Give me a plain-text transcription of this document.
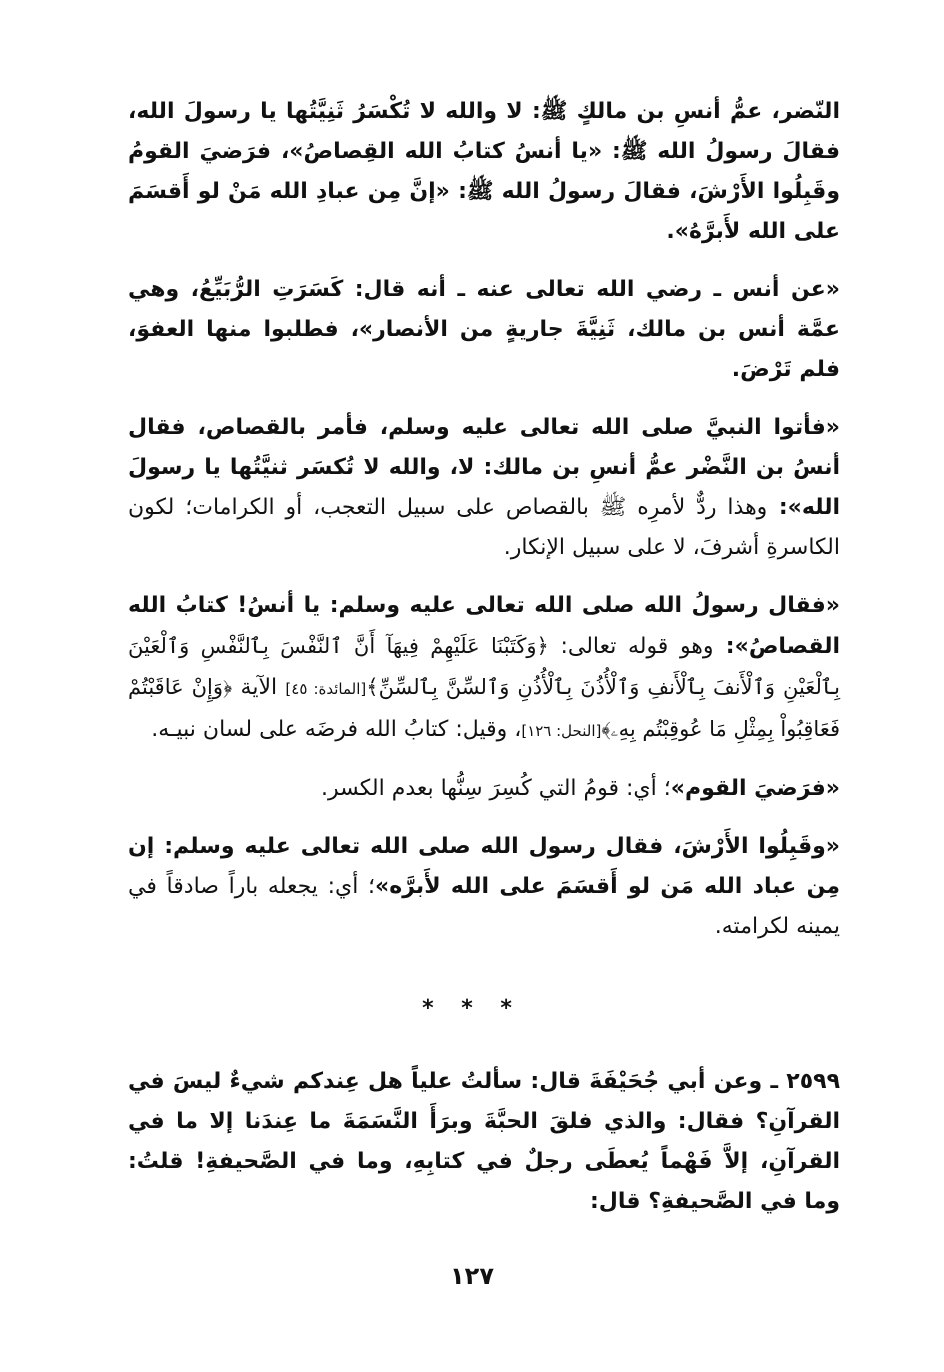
النّضر، عمُّ أنسِ بن مالكٍ ﷺ: لا والله لا تُكْسَرُ ثَنِيَّتُها يا رسولَ الله، فقالَ رسولُ الله ﷺ: «يا أنسُ كتابُ الله القِصاصُ»، فرَضيَ القومُ وقَبِلُوا الأَرْشَ، فقالَ رسولُ الله ﷺ: «إنَّ مِن عبادِ الله مَنْ لو أَقسَمَ على الله لأَبرَّهُ».

«عن أنس ـ رضي الله تعالى عنه ـ أنه قال: كَسَرَتِ الرُّبَيِّعُ، وهي عمَّة أنس بن مالك، ثَنِيَّةَ جاريةٍ من الأنصار»، فطلبوا منها العفوَ، فلم تَرْضَ.

«فأتوا النبيَّ صلى الله تعالى عليه وسلم، فأمر بالقصاص، فقال أنسُ بن النَّضْر عمُّ أنسِ بن مالك: لا، والله لا تُكسَر ثنيَّتُها يا رسولَ الله»: وهذا ردٌّ لأمرِه ﷺ بالقصاص على سبيل التعجب، أو الكرامات؛ لكون الكاسرةِ أشرفَ، لا على سبيل الإنكار.

«فقال رسولُ الله صلى الله تعالى عليه وسلم: يا أنسُ! كتابُ الله القصاصُ»: وهو قوله تعالى: ﴿وَكَتَبْنَا عَلَيْهِمْ فِيهَآ أَنَّ ٱلنَّفْسَ بِٱلنَّفْسِ وَٱلْعَيْنَ بِٱلْعَيْنِ وَٱلْأَنفَ بِٱلْأَنفِ وَٱلْأُذُنَ بِٱلْأُذُنِ وَٱلسِّنَّ بِٱلسِّنِّ﴾[المائدة: ٤٥] الآية ﴿وَإِنْ عَاقَبْتُمْ فَعَاقِبُواْ بِمِثْلِ مَا عُوقِبْتُم بِهِۦ﴾[النحل: ١٢٦]، وقيل: كتابُ الله فرضَه على لسان نبيـه.

«فرَضيَ القوم»؛ أي: قومُ التي كُسِرَ سِنُّها بعدم الكسر.

«وقَبِلُوا الأَرْشَ، فقال رسول الله صلى الله تعالى عليه وسلم: إن مِن عباد الله مَن لو أَقسَمَ على الله لأَبرَّه»؛ أي: يجعله باراً صادقاً في يمينه لكرامته.

* * *

٢٥٩٩ ـ وعن أبي جُحَيْفَةَ قال: سألتُ علياً هل عِندكم شيءٌ ليسَ في القرآنِ؟ فقال: والذي فلقَ الحبَّةَ وبرَأَ النَّسَمَةَ ما عِندَنا إلا ما في القرآنِ، إلاَّ فَهْماً يُعطَى رجلٌ في كتابِهِ، وما في الصَّحيفةِ! قلتُ: وما في الصَّحيفةِ؟ قال:

١٢٧
